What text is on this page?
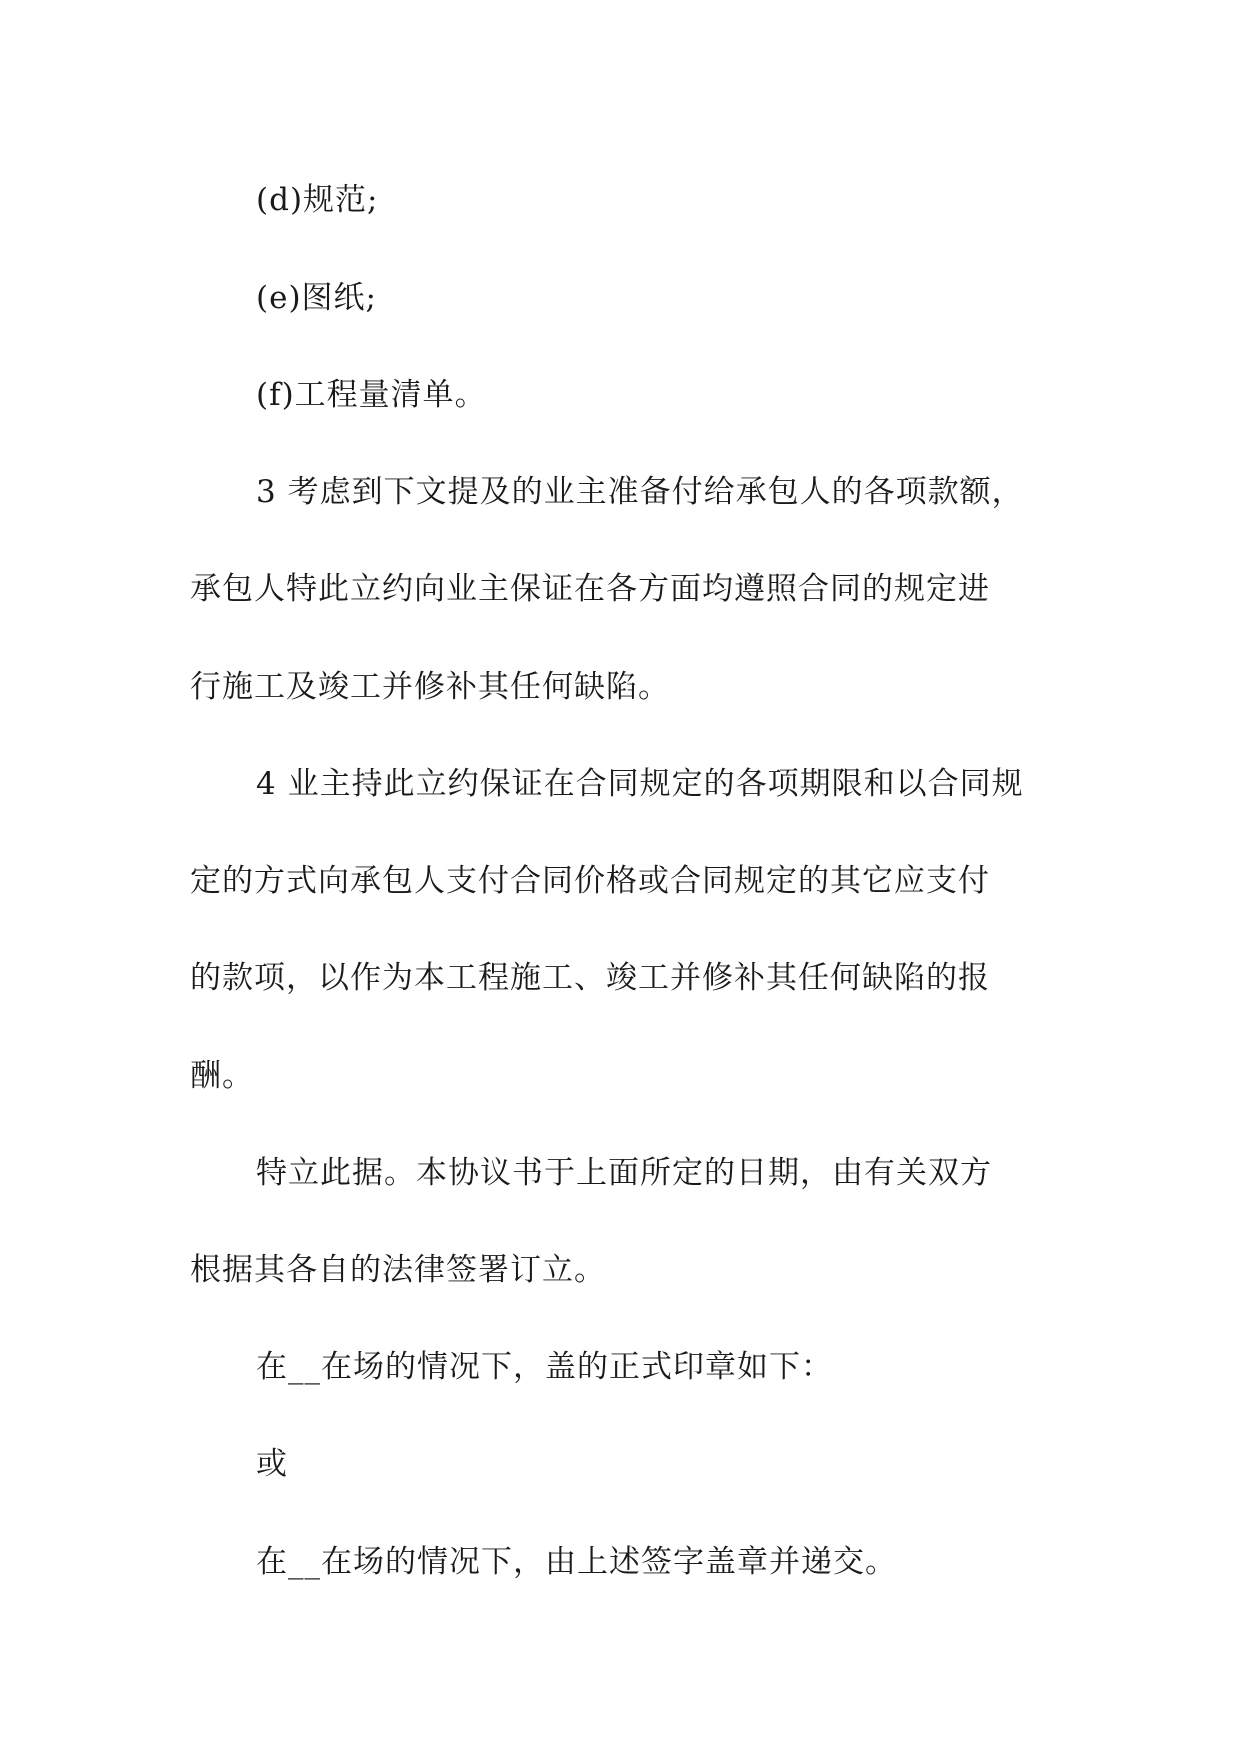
(d)规范;
(e)图纸;
(f)工程量清单。
3 考虑到下文提及的业主准备付给承包人的各项款额，
承包人特此立约向业主保证在各方面均遵照合同的规定进
行施工及竣工并修补其任何缺陷。
4 业主持此立约保证在合同规定的各项期限和以合同规
定的方式向承包人支付合同价格或合同规定的其它应支付
的款项，以作为本工程施工、竣工并修补其任何缺陷的报
酬。
特立此据。本协议书于上面所定的日期，由有关双方
根据其各自的法律签署订立。
在__在场的情况下，盖的正式印章如下：
或
在__在场的情况下，由上述签字盖章并递交。
